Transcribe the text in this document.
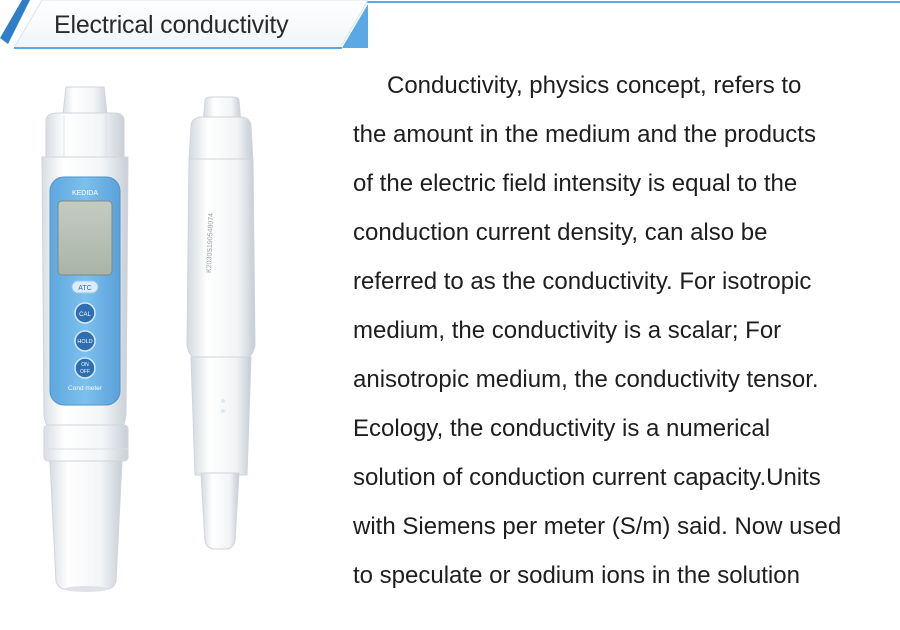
Electrical conductivity
KEDIDA
ATC
CAL
HOLD
ON
OFF
Cond meter
K2030S190548074
Conductivity, physics concept, refers to
the amount in the medium and the products
of the electric field intensity is equal to the
conduction current density, can also be
referred to as the conductivity. For isotropic
medium, the conductivity is a scalar; For
anisotropic medium, the conductivity tensor.
Ecology, the conductivity is a numerical
solution of conduction current capacity.Units
with Siemens per meter (S/m) said. Now used
to speculate or sodium ions in the solution
